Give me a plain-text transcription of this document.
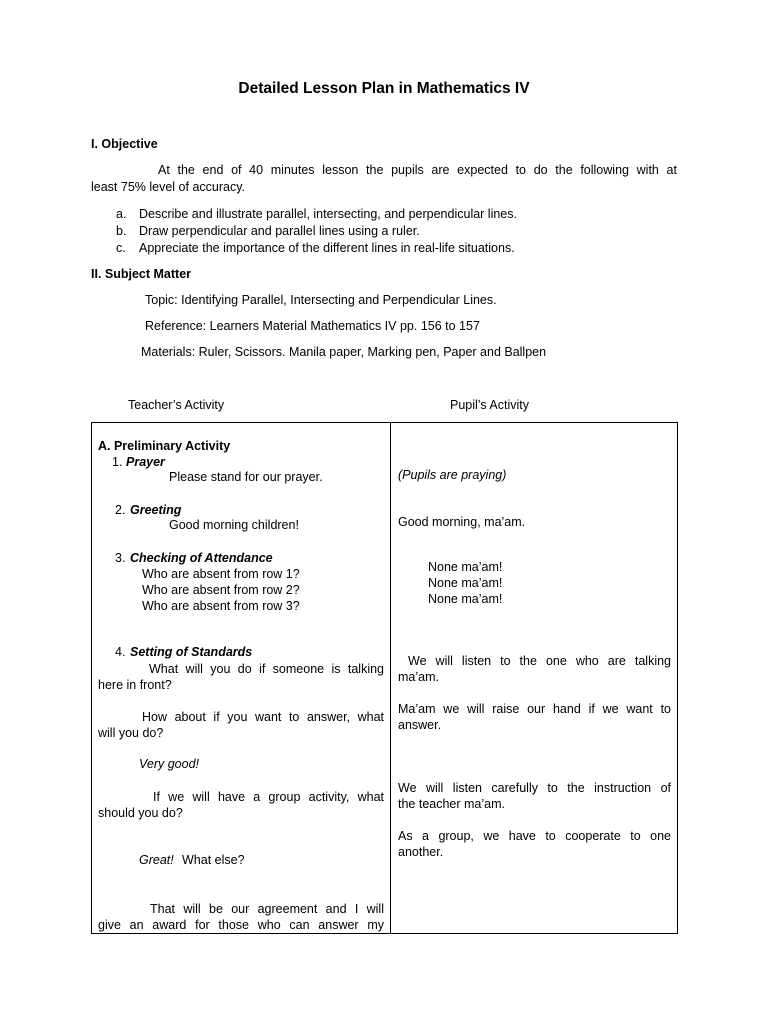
Detailed Lesson Plan in Mathematics IV
I. Objective
At the end of 40 minutes lesson the pupils are expected to do the following with at
least 75% level of accuracy.
a. Describe and illustrate parallel, intersecting, and perpendicular lines.
b. Draw perpendicular and parallel lines using a ruler.
c. Appreciate the importance of the different lines in real-life situations.
II. Subject Matter
Topic: Identifying Parallel, Intersecting and Perpendicular Lines.
Reference: Learners Material Mathematics IV pp. 156 to 157
Materials: Ruler, Scissors. Manila paper, Marking pen, Paper and Ballpen
Teacher’s Activity	Pupil’s Activity
A. Preliminary Activity
1. Prayer
Please stand for our prayer.
2. Greeting
Good morning children!
3. Checking of Attendance
Who are absent from row 1?
Who are absent from row 2?
Who are absent from row 3?
4. Setting of Standards
What will you do if someone is talking
here in front?
How about if you want to answer, what
will you do?
Very good!
If we will have a group activity, what
should you do?
Great! What else?
That will be our agreement and I will
give an award for those who can answer my
(Pupils are praying)
Good morning, ma’am.
None ma’am!
None ma’am!
None ma’am!
We will listen to the one who are talking
ma’am.
Ma’am we will raise our hand if we want to
answer.
We will listen carefully to the instruction of
the teacher ma’am.
As a group, we have to cooperate to one
another.
